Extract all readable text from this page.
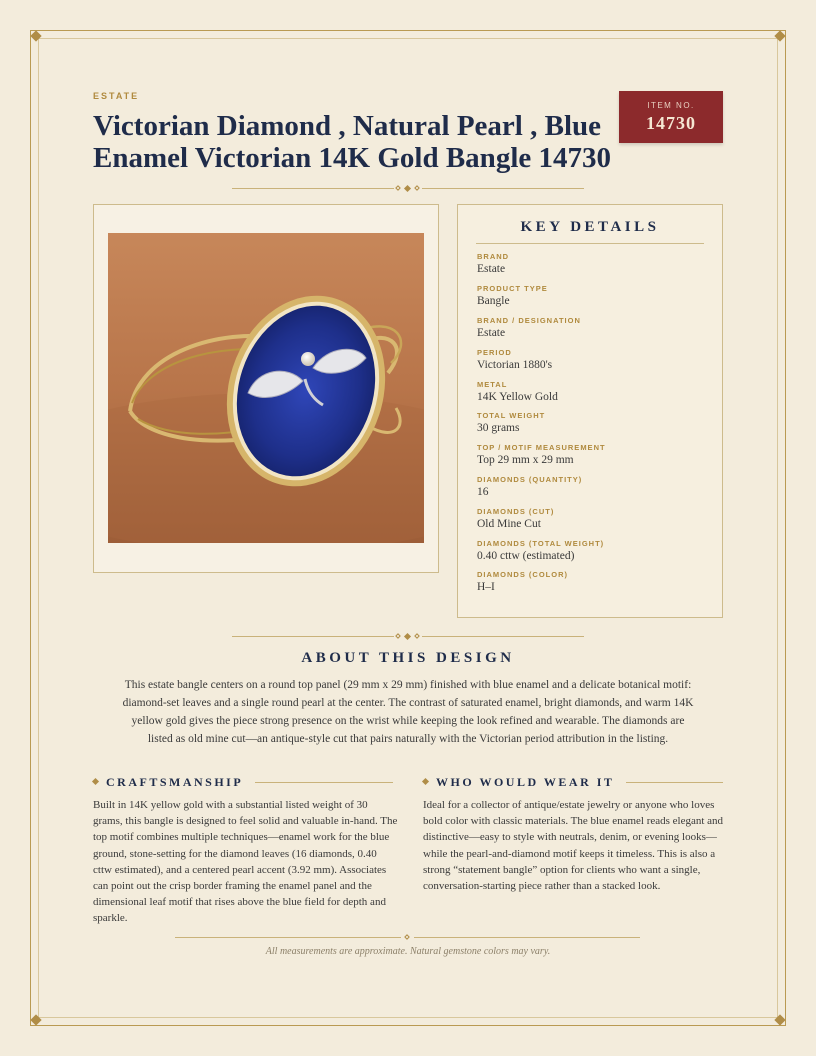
ESTATE
Victorian Diamond , Natural Pearl , Blue Enamel Victorian 14K Gold Bangle 14730
ITEM NO.
14730
KEY DETAILS
BRAND
Estate
PRODUCT TYPE
Bangle
BRAND / DESIGNATION
Estate
PERIOD
Victorian 1880's
METAL
14K Yellow Gold
TOTAL WEIGHT
30 grams
TOP / MOTIF MEASUREMENT
Top 29 mm x 29 mm
DIAMONDS (QUANTITY)
16
DIAMONDS (CUT)
Old Mine Cut
DIAMONDS (TOTAL WEIGHT)
0.40 cttw (estimated)
DIAMONDS (COLOR)
H–I
ABOUT THIS DESIGN

This estate bangle centers on a round top panel (29 mm x 29 mm) finished with blue enamel and a delicate botanical motif: diamond-set leaves and a single round pearl at the center. The contrast of saturated enamel, bright diamonds, and warm 14K yellow gold gives the piece strong presence on the wrist while keeping the look refined and wearable. The diamonds are listed as old mine cut—an antique-style cut that pairs naturally with the Victorian period attribution in the listing.

CRAFTSMANSHIP

Built in 14K yellow gold with a substantial listed weight of 30 grams, this bangle is designed to feel solid and valuable in-hand. The top motif combines multiple techniques—enamel work for the blue ground, stone-setting for the diamond leaves (16 diamonds, 0.40 cttw estimated), and a centered pearl accent (3.92 mm). Associates can point out the crisp border framing the enamel panel and the dimensional leaf motif that rises above the blue field for depth and sparkle.

WHO WOULD WEAR IT

Ideal for a collector of antique/estate jewelry or anyone who loves bold color with classic materials. The blue enamel reads elegant and distinctive—easy to style with neutrals, denim, or evening looks—while the pearl-and-diamond motif keeps it timeless. This is also a strong “statement bangle” option for clients who want a single, conversation-starting piece rather than a stacked look.

All measurements are approximate. Natural gemstone colors may vary.
